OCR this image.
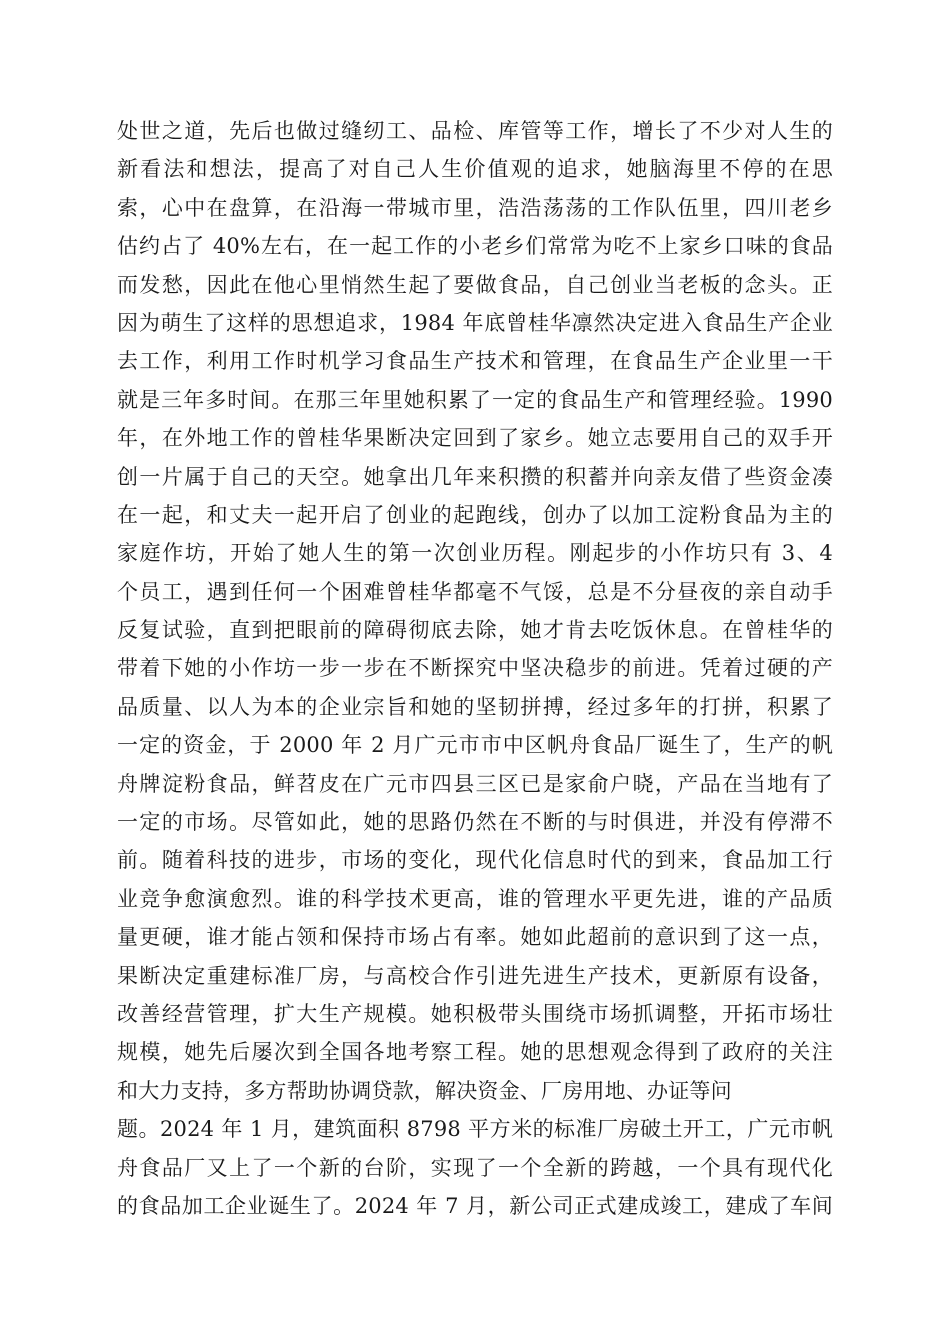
处世之道，先后也做过缝纫工、品检、库管等工作，增长了不少对人生的
新看法和想法，提高了对自己人生价值观的追求，她脑海里不停的在思
索，心中在盘算，在沿海一带城市里，浩浩荡荡的工作队伍里，四川老乡
估约占了 40%左右，在一起工作的小老乡们常常为吃不上家乡口味的食品
而发愁，因此在他心里悄然生起了要做食品，自己创业当老板的念头。正
因为萌生了这样的思想追求，1984 年底曾桂华凛然决定进入食品生产企业
去工作，利用工作时机学习食品生产技术和管理，在食品生产企业里一干
就是三年多时间。在那三年里她积累了一定的食品生产和管理经验。1990
年，在外地工作的曾桂华果断决定回到了家乡。她立志要用自己的双手开
创一片属于自己的天空。她拿出几年来积攒的积蓄并向亲友借了些资金凑
在一起，和丈夫一起开启了创业的起跑线，创办了以加工淀粉食品为主的
家庭作坊，开始了她人生的第一次创业历程。刚起步的小作坊只有 3、4
个员工，遇到任何一个困难曾桂华都毫不气馁，总是不分昼夜的亲自动手
反复试验，直到把眼前的障碍彻底去除，她才肯去吃饭休息。在曾桂华的
带着下她的小作坊一步一步在不断探究中坚决稳步的前进。凭着过硬的产
品质量、以人为本的企业宗旨和她的坚韧拼搏，经过多年的打拼，积累了
一定的资金，于 2000 年 2 月广元市市中区帆舟食品厂诞生了，生产的帆
舟牌淀粉食品，鲜苕皮在广元市四县三区已是家俞户晓，产品在当地有了
一定的市场。尽管如此，她的思路仍然在不断的与时俱进，并没有停滞不
前。随着科技的进步，市场的变化，现代化信息时代的到来，食品加工行
业竞争愈演愈烈。谁的科学技术更高，谁的管理水平更先进，谁的产品质
量更硬，谁才能占领和保持市场占有率。她如此超前的意识到了这一点，
果断决定重建标准厂房，与高校合作引进先进生产技术，更新原有设备，
改善经营管理，扩大生产规模。她积极带头围绕市场抓调整，开拓市场壮
规模，她先后屡次到全国各地考察工程。她的思想观念得到了政府的关注
和大力支持，多方帮助协调贷款，解决资金、厂房用地、办证等问
题。2024 年 1 月，建筑面积 8798 平方米的标准厂房破土开工，广元市帆
舟食品厂又上了一个新的台阶，实现了一个全新的跨越，一个具有现代化
的食品加工企业诞生了。2024 年 7 月，新公司正式建成竣工，建成了车间
